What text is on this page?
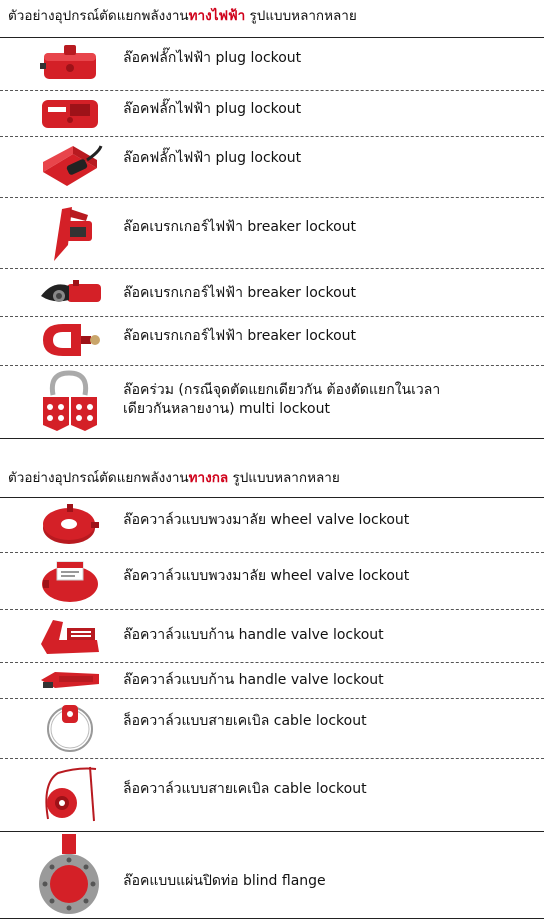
ตัวอย่างอุปกรณ์ตัดแยกพลังงานทางไฟฟ้า รูปแบบหลากหลาย
ล๊อคฟลั๊กไฟฟ้า plug lockout
ล๊อคฟลั๊กไฟฟ้า plug lockout
ล๊อคฟลั๊กไฟฟ้า plug lockout
ล๊อคเบรกเกอร์ไฟฟ้า breaker lockout
ล๊อคเบรกเกอร์ไฟฟ้า breaker lockout
ล๊อคเบรกเกอร์ไฟฟ้า breaker lockout
ล๊อคร่วม (กรณีจุดตัดแยกเดียวกัน ต้องตัดแยกในเวลา
เดียวกันหลายงาน) multi lockout
ตัวอย่างอุปกรณ์ตัดแยกพลังงานทางกล รูปแบบหลากหลาย
ล๊อควาล์วแบบพวงมาลัย wheel valve lockout
ล๊อควาล์วแบบพวงมาลัย wheel valve lockout
ล๊อควาล์วแบบก้าน handle valve lockout
ล๊อควาล์วแบบก้าน handle valve lockout
ล็อควาล์วแบบสายเคเบิล cable lockout
ล็อควาล์วแบบสายเคเบิล cable lockout
ล๊อคแบบแผ่นปิดท่อ blind flange
